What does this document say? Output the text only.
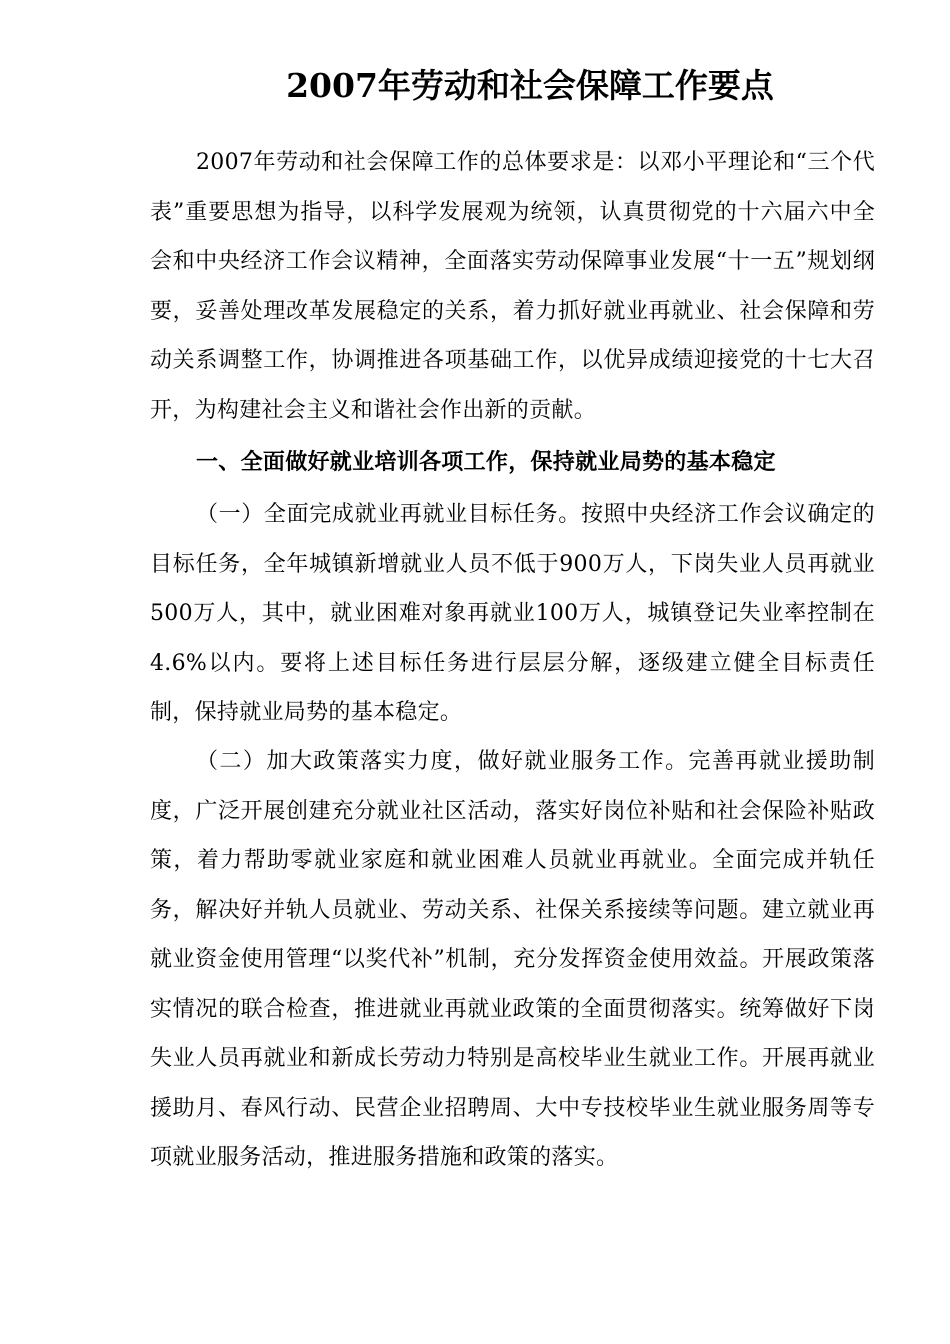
2007年劳动和社会保障工作要点

2007年劳动和社会保障工作的总体要求是：以邓小平理论和“三个代表”重要思想为指导，以科学发展观为统领，认真贯彻党的十六届六中全会和中央经济工作会议精神，全面落实劳动保障事业发展“十一五”规划纲要，妥善处理改革发展稳定的关系，着力抓好就业再就业、社会保障和劳动关系调整工作，协调推进各项基础工作，以优异成绩迎接党的十七大召开，为构建社会主义和谐社会作出新的贡献。

一、全面做好就业培训各项工作，保持就业局势的基本稳定

（一）全面完成就业再就业目标任务。按照中央经济工作会议确定的目标任务，全年城镇新增就业人员不低于900万人，下岗失业人员再就业500万人，其中，就业困难对象再就业100万人，城镇登记失业率控制在4.6%以内。要将上述目标任务进行层层分解，逐级建立健全目标责任制，保持就业局势的基本稳定。

（二）加大政策落实力度，做好就业服务工作。完善再就业援助制度，广泛开展创建充分就业社区活动，落实好岗位补贴和社会保险补贴政策，着力帮助零就业家庭和就业困难人员就业再就业。全面完成并轨任务，解决好并轨人员就业、劳动关系、社保关系接续等问题。建立就业再就业资金使用管理“以奖代补”机制，充分发挥资金使用效益。开展政策落实情况的联合检查，推进就业再就业政策的全面贯彻落实。统筹做好下岗失业人员再就业和新成长劳动力特别是高校毕业生就业工作。开展再就业援助月、春风行动、民营企业招聘周、大中专技校毕业生就业服务周等专项就业服务活动，推进服务措施和政策的落实。
